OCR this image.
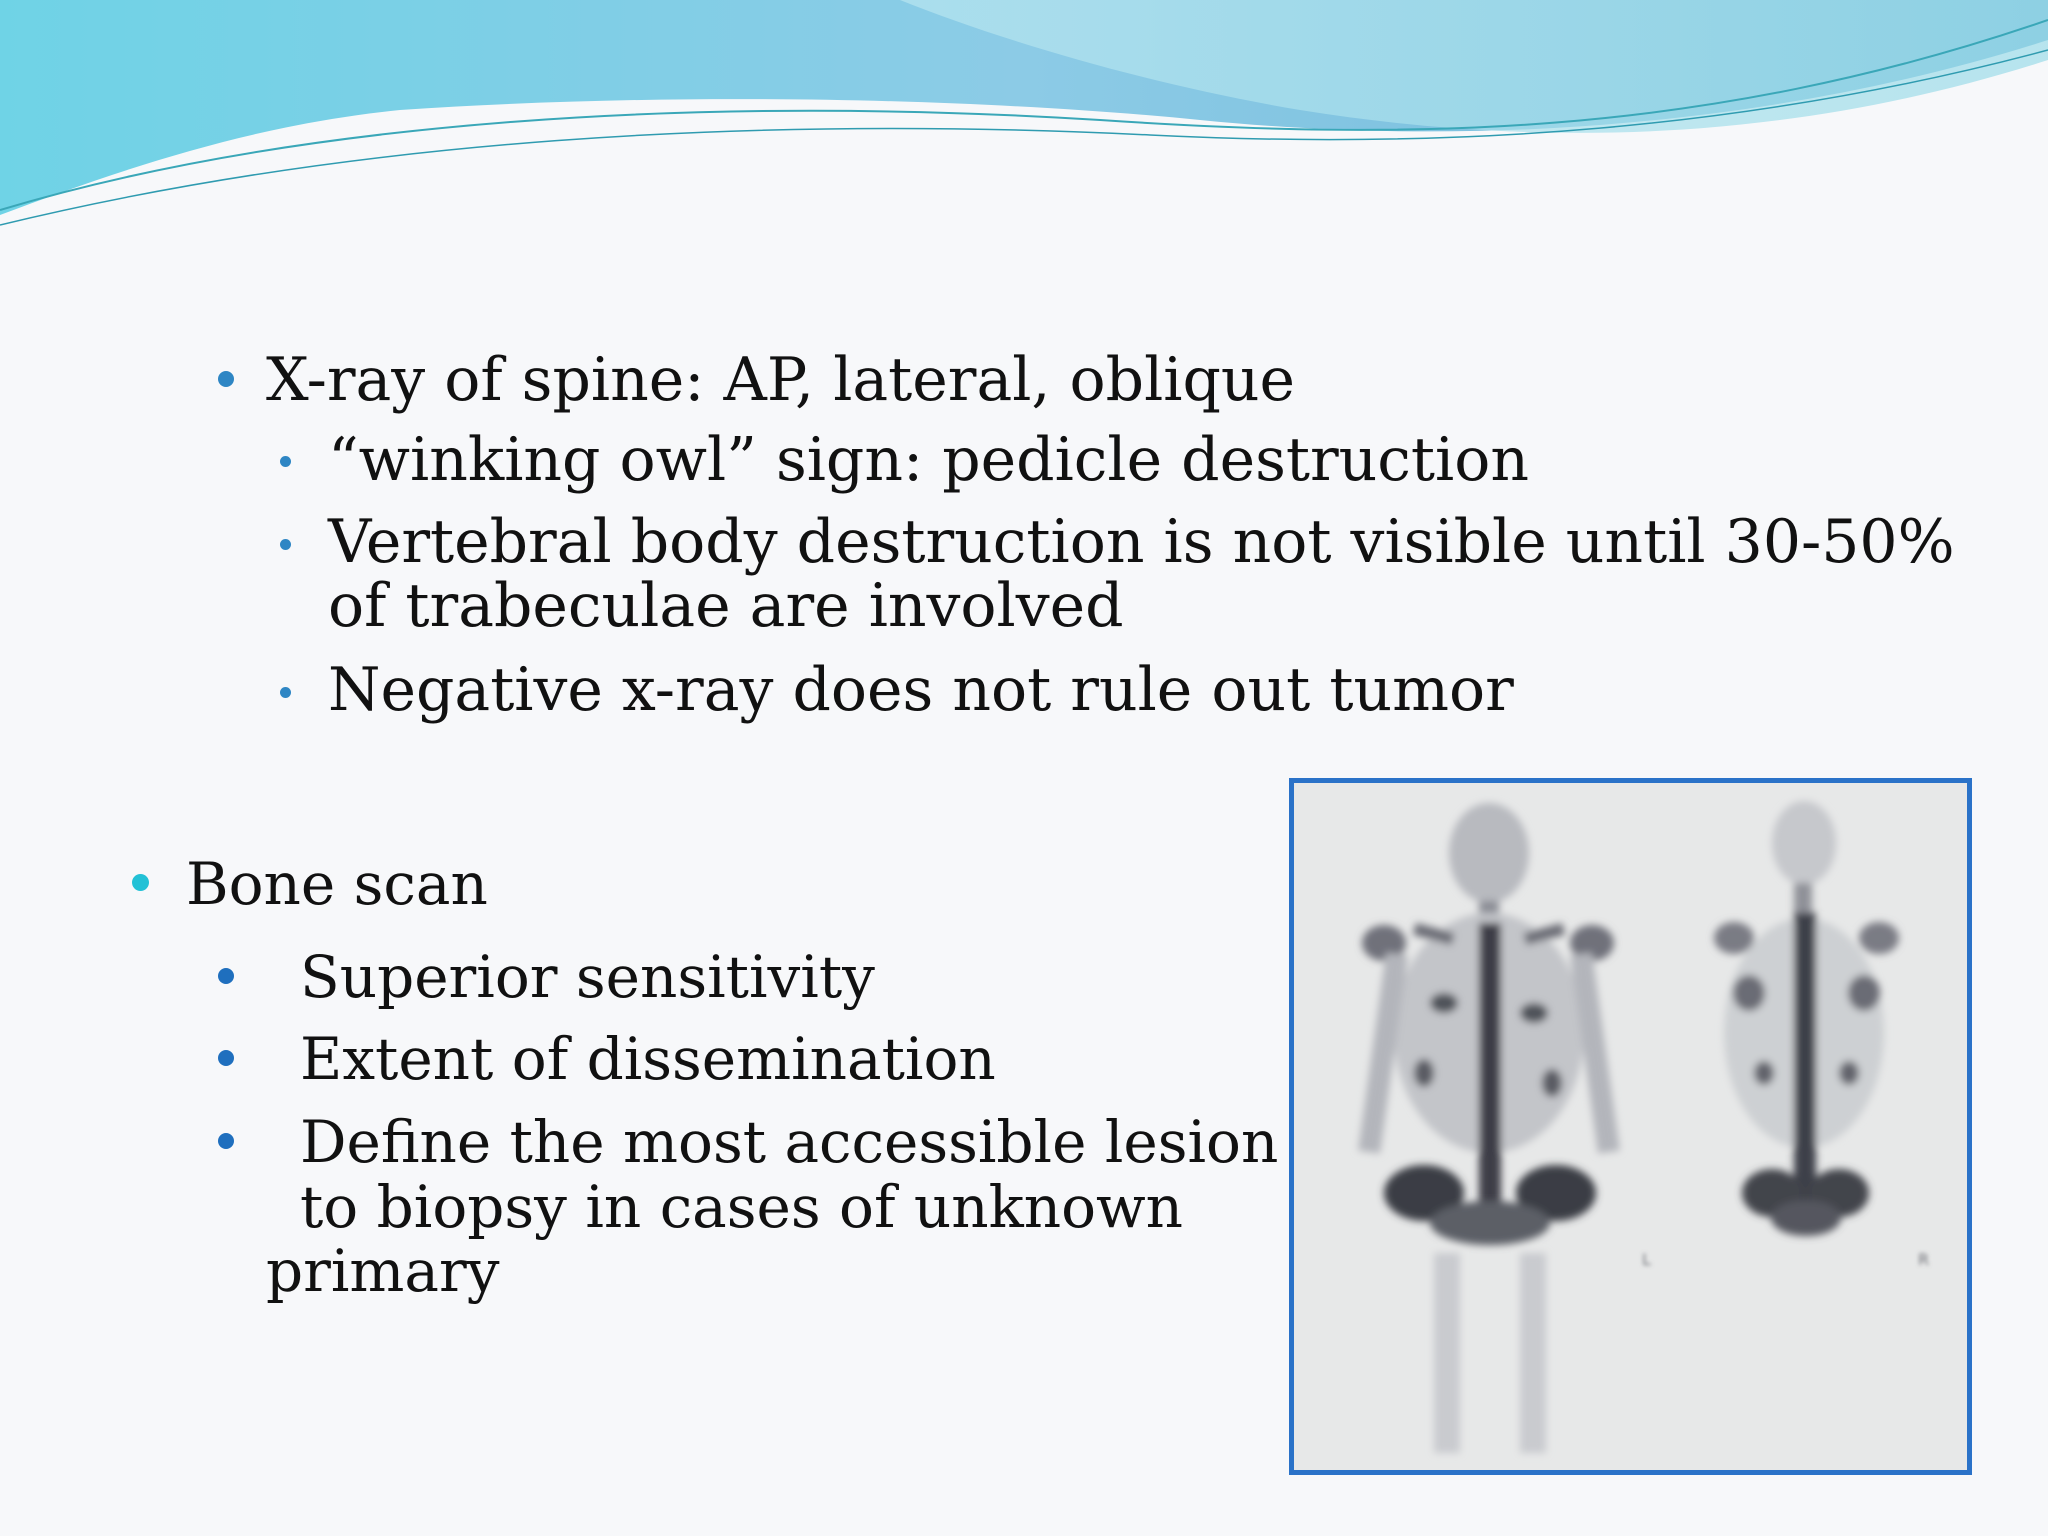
X-ray of spine: AP, lateral, oblique
“winking owl” sign: pedicle destruction
Vertebral body destruction is not visible until 30-50%
of trabeculae are involved
Negative x-ray does not rule out tumor
Bone scan
Superior sensitivity
Extent of dissemination
Define the most accessible lesion
to biopsy in cases of unknown
primary	L	R
